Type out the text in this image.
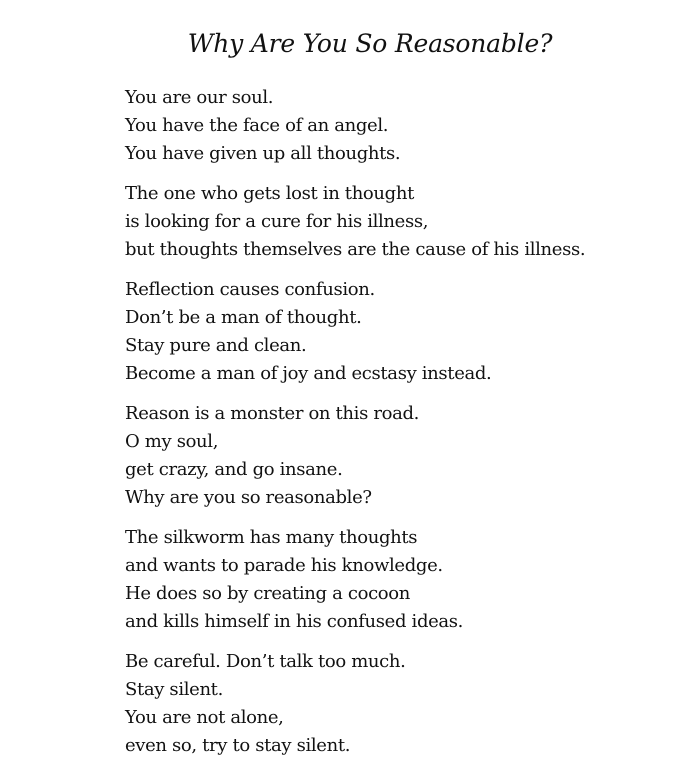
Why Are You So Reasonable?
You are our soul.
You have the face of an angel.
You have given up all thoughts.
The one who gets lost in thought
is looking for a cure for his illness,
but thoughts themselves are the cause of his illness.
Reflection causes confusion.
Don’t be a man of thought.
Stay pure and clean.
Become a man of joy and ecstasy instead.
Reason is a monster on this road.
O my soul,
get crazy, and go insane.
Why are you so reasonable?
The silkworm has many thoughts
and wants to parade his knowledge.
He does so by creating a cocoon
and kills himself in his confused ideas.
Be careful. Don’t talk too much.
Stay silent.
You are not alone,
even so, try to stay silent.
